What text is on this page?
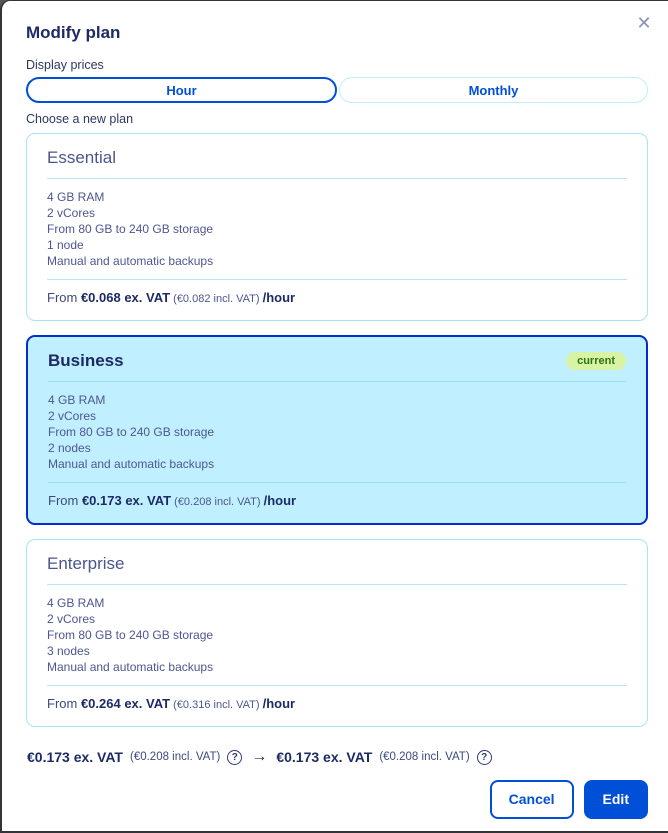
✕
Modify plan
Display prices
Hour	Monthly
Choose a new plan
Essential
4 GB RAM
2 vCores
From 80 GB to 240 GB storage
1 node
Manual and automatic backups
From €0.068 ex. VAT (€0.082 incl. VAT) /hour
Business	current
4 GB RAM
2 vCores
From 80 GB to 240 GB storage
2 nodes
Manual and automatic backups
From €0.173 ex. VAT (€0.208 incl. VAT) /hour
Enterprise
4 GB RAM
2 vCores
From 80 GB to 240 GB storage
3 nodes
Manual and automatic backups
From €0.264 ex. VAT (€0.316 incl. VAT) /hour
€0.173 ex. VAT (€0.208 incl. VAT)	? → €0.173 ex. VAT (€0.208 incl. VAT)	?
Cancel	Edit
